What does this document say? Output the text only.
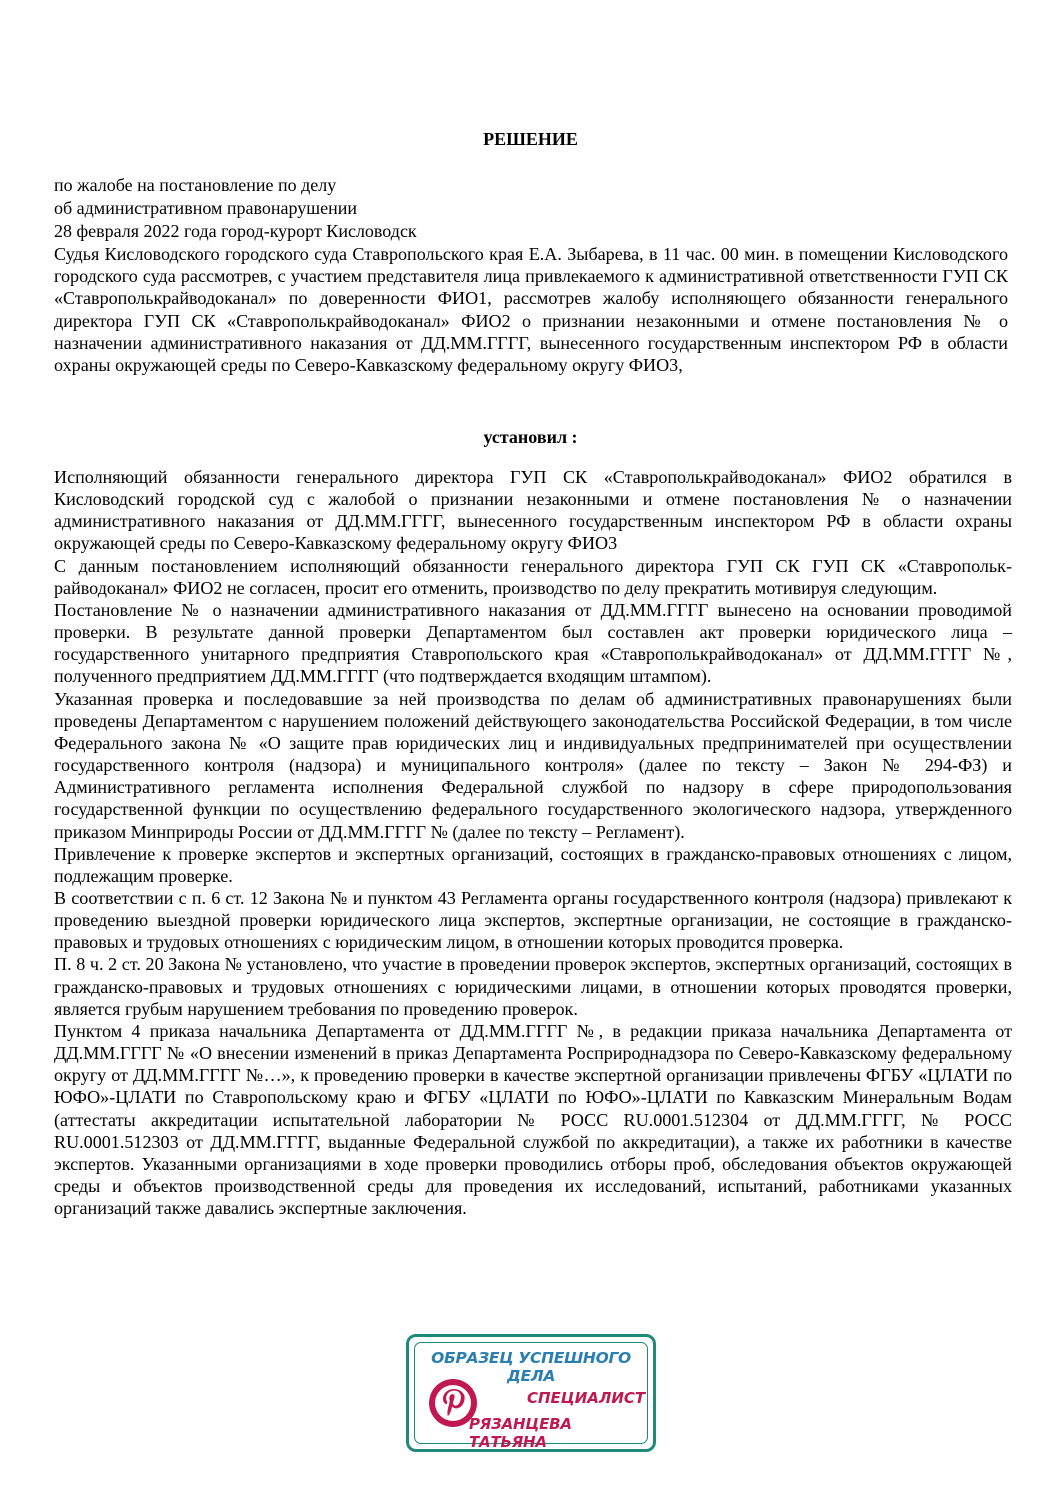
РЕШЕНИЕ
по жалобе на постановление по делу
об административном правонарушении
28 февраля 2022 года город-курорт Кисловодск

Судья Кисловодского городского суда Ставропольского края Е.А. Зыбарева, в 11 час. 00 мин. в помещении Кисловодского городского суда рассмотрев, с участием представителя лица привлекаемого к административной ответственности ГУП СК «Ставрополькрайводоканал» по доверенности ФИО1, рассмотрев жалобу исполняющего обязанности генерального директора ГУП СК «Ставрополькрайводоканал» ФИО2 о признании незаконными и отмене постановления № о назначении административного наказания от ДД.ММ.ГГГГ, вынесенного государственным инспектором РФ в области охраны окружающей среды по Северо-Кавказскому федеральному округу ФИО3,

установил :

Исполняющий обязанности генерального директора ГУП СК «Ставрополькрайводоканал» ФИО2 обратился в Кисловодский городской суд с жалобой о признании незаконными и отмене постановления № о назначении административного наказания от ДД.ММ.ГГГГ, вынесенного государственным инспектором РФ в области охраны окружающей среды по Северо-Кавказскому федеральному округу ФИО3

С данным постановлением исполняющий обязанности генерального директора ГУП СК ГУП СК «Ставрополькрайводоканал» ФИО2 не согласен, просит его отменить, производство по делу прекратить мотивируя следующим.

Постановление № о назначении административного наказания от ДД.ММ.ГГГГ вынесено на основании проводимой проверки. В результате данной проверки Департаментом был составлен акт проверки юридического лица – государственного унитарного предприятия Ставропольского края «Ставрополькрайводоканал» от ДД.ММ.ГГГГ №, полученного предприятием ДД.ММ.ГГГГ (что подтверждается входящим штампом).

Указанная проверка и последовавшие за ней производства по делам об административных правонарушениях были проведены Департаментом с нарушением положений действующего законодательства Российской Федерации, в том числе Федерального закона № «О защите прав юридических лиц и индивидуальных предпринимателей при осуществлении государственного контроля (надзора) и муниципального контроля» (далее по тексту – Закон № 294-ФЗ) и Административного регламента исполнения Федеральной службой по надзору в сфере природопользования государственной функции по осуществлению федерального государственного экологического надзора, утвержденного приказом Минприроды России от ДД.ММ.ГГГГ № (далее по тексту – Регламент).

Привлечение к проверке экспертов и экспертных организаций, состоящих в гражданско-правовых отношениях с лицом, подлежащим проверке.

В соответствии с п. 6 ст. 12 Закона № и пунктом 43 Регламента органы государственного контроля (надзора) привлекают к проведению выездной проверки юридического лица экспертов, экспертные организации, не состоящие в гражданско-правовых и трудовых отношениях с юридическим лицом, в отношении которых проводится проверка.

П. 8 ч. 2 ст. 20 Закона № установлено, что участие в проведении проверок экспертов, экспертных организаций, состоящих в гражданско-правовых и трудовых отношениях с юридическими лицами, в отношении которых проводятся проверки, является грубым нарушением требования по проведению проверок.

Пунктом 4 приказа начальника Департамента от ДД.ММ.ГГГГ №, в редакции приказа начальника Департамента от ДД.ММ.ГГГГ № «О внесении изменений в приказ Департамента Росприроднадзора по Северо-Кавказскому федеральному округу от ДД.ММ.ГГГГ №…», к проведению проверки в качестве экспертной организации привлечены ФГБУ «ЦЛАТИ по ЮФО»-ЦЛАТИ по Ставропольскому краю и ФГБУ «ЦЛАТИ по ЮФО»-ЦЛАТИ по Кавказским Минеральным Водам (аттестаты аккредитации испытательной лаборатории № РОСС RU.0001.512304 от ДД.ММ.ГГГГ, № РОСС RU.0001.512303 от ДД.ММ.ГГГГ, выданные Федеральной службой по аккредитации), а также их работники в качестве экспертов. Указанными организациями в ходе проверки проводились отборы проб, обследования объектов окружающей среды и объектов производственной среды для проведения их исследований, испытаний, работниками указанных организаций также давались экспертные заключения.

ОБРАЗЕЦ УСПЕШНОГО ДЕЛА
СПЕЦИАЛИСТ
РЯЗАНЦЕВА ТАТЬЯНА
